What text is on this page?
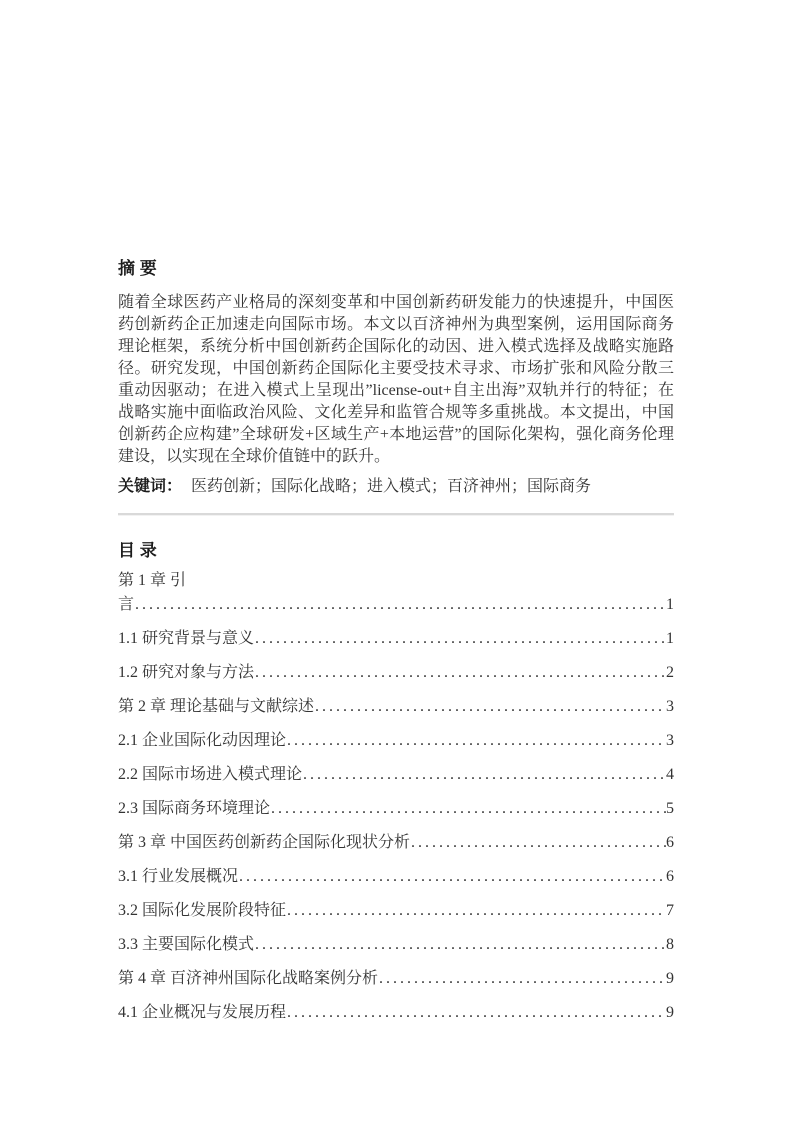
摘 要

随着全球医药产业格局的深刻变革和中国创新药研发能力的快速提升，中国医药创新药企正加速走向国际市场。本文以百济神州为典型案例，运用国际商务理论框架，系统分析中国创新药企国际化的动因、进入模式选择及战略实施路径。研究发现，中国创新药企国际化主要受技术寻求、市场扩张和风险分散三重动因驱动；在进入模式上呈现出”license-out+自主出海”双轨并行的特征；在战略实施中面临政治风险、文化差异和监管合规等多重挑战。本文提出，中国创新药企应构建”全球研发+区域生产+本地运营”的国际化架构，强化商务伦理建设，以实现在全球价值链中的跃升。

关键词： 医药创新；国际化战略；进入模式；百济神州；国际商务

目 录
第 1 章 引
言 .....	1
1.1 研究背景与意义 .....	1
1.2 研究对象与方法 .....	2
第 2 章 理论基础与文献综述 .....	3
2.1 企业国际化动因理论 .....	3
2.2 国际市场进入模式理论 .....	4
2.3 国际商务环境理论 .....	5
第 3 章 中国医药创新药企国际化现状分析 .....	6
3.1 行业发展概况 .....	6
3.2 国际化发展阶段特征 .....	7
3.3 主要国际化模式 .....	8
第 4 章 百济神州国际化战略案例分析 .....	9
4.1 企业概况与发展历程 .....	9
